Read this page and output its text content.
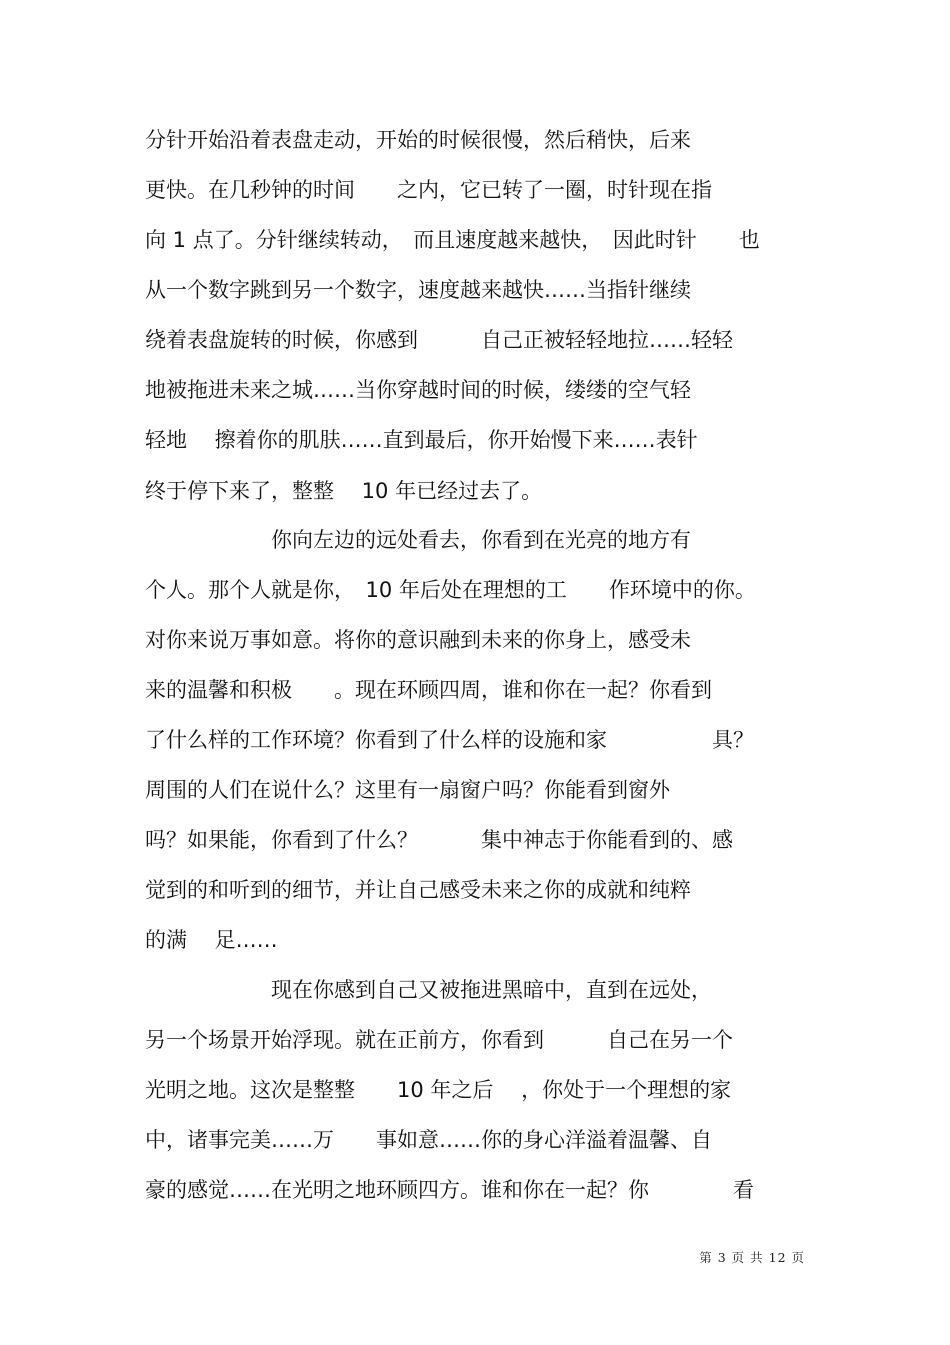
分针开始沿着表盘走动，开始的时候很慢，然后稍快，后来
更快。在几秒钟的时间　　之内，它已转了一圈，时针现在指
向 1 点了。分针继续转动，　而且速度越来越快，　因此时针　　也
从一个数字跳到另一个数字，速度越来越快……当指针继续
绕着表盘旋转的时候，你感到　　　自己正被轻轻地拉……轻轻
地被拖进未来之城……当你穿越时间的时候，缕缕的空气轻
轻地　 擦着你的肌肤……直到最后，你开始慢下来……表针
终于停下来了，整整　 10 年已经过去了。
　　　　　　你向左边的远处看去，你看到在光亮的地方有
个人。那个人就是你，　10 年后处在理想的工　　作环境中的你。
对你来说万事如意。将你的意识融到未来的你身上，感受未
来的温馨和积极　　。现在环顾四周，谁和你在一起？你看到
了什么样的工作环境？你看到了什么样的设施和家　　　　　具？
周围的人们在说什么？这里有一扇窗户吗？你能看到窗外
吗？如果能，你看到了什么？　　　集中神志于你能看到的、感
觉到的和听到的细节，并让自己感受未来之你的成就和纯粹
的满　 足……
　　　　　　现在你感到自己又被拖进黑暗中，直到在远处，
另一个场景开始浮现。就在正前方，你看到　　　自己在另一个
光明之地。这次是整整　　10 年之后　 ，你处于一个理想的家
中，诸事完美……万　　事如意……你的身心洋溢着温馨、自
豪的感觉……在光明之地环顾四方。谁和你在一起？你　　　　看
第 3 页 共 12 页
